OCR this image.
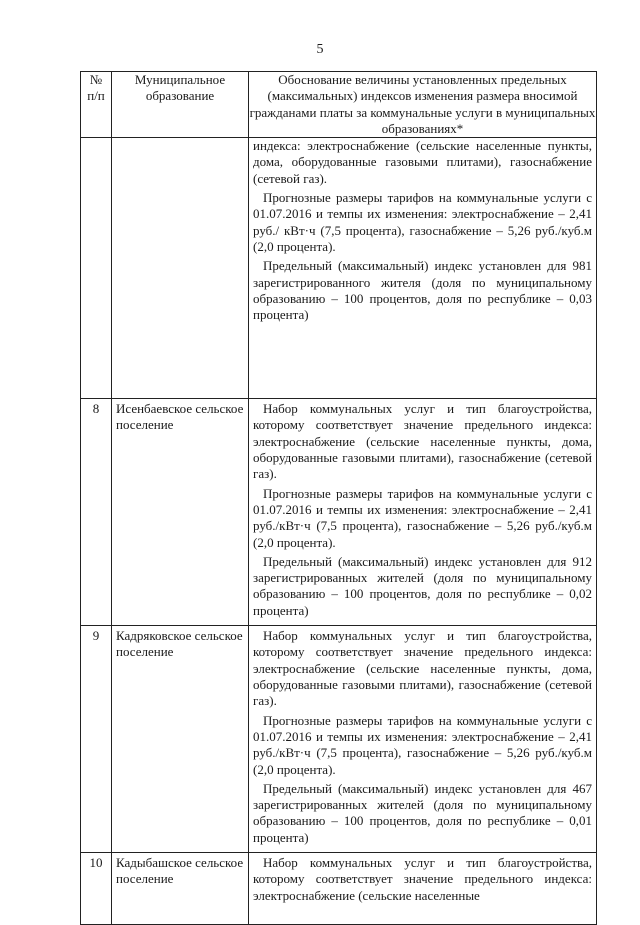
5
№
п/п	Муниципальное образование	Обоснование величины установленных предельных (максимальных) индексов изменения размера вносимой гражданами платы за коммунальные услуги в муниципальных образованиях*

		индекса: электроснабжение (сельские населенные пункты, дома, оборудованные газовыми плитами), газоснабжение (сетевой газ).

Прогнозные размеры тарифов на коммунальные услуги с 01.07.2016 и темпы их изменения: электроснабжение – 2,41 руб./ кВт·ч (7,5 процента), газоснабжение – 5,26 руб./куб.м (2,0 процента).

Предельный (максимальный) индекс установлен для 981 зарегистрированного жителя (доля по муниципальному образованию – 100 процентов, доля по республике – 0,03 процента)

8	Исенбаевское сельское поселение	Набор коммунальных услуг и тип благоустройства, которому соответствует значение предельного индекса: электроснабжение (сельские населенные пункты, дома, оборудованные газовыми плитами), газоснабжение (сетевой газ).

Прогнозные размеры тарифов на коммунальные услуги с 01.07.2016 и темпы их изменения: электроснабжение – 2,41 руб./кВт·ч (7,5 процента), газоснабжение – 5,26 руб./куб.м (2,0 процента).

Предельный (максимальный) индекс установлен для 912 зарегистрированных жителей (доля по муниципальному образованию – 100 процентов, доля по республике – 0,02 процента)

9	Кадряковское сельское поселение	Набор коммунальных услуг и тип благоустройства, которому соответствует значение предельного индекса: электроснабжение (сельские населенные пункты, дома, оборудованные газовыми плитами), газоснабжение (сетевой газ).

Прогнозные размеры тарифов на коммунальные услуги с 01.07.2016 и темпы их изменения: электроснабжение – 2,41 руб./кВт·ч (7,5 процента), газоснабжение – 5,26 руб./куб.м (2,0 процента).

Предельный (максимальный) индекс установлен для 467 зарегистрированных жителей (доля по муниципальному образованию – 100 процентов, доля по республике – 0,01 процента)

10	Кадыбашское сельское поселение	Набор коммунальных услуг и тип благоустройства, которому соответствует значение предельного индекса: электроснабжение (сельские населенные
